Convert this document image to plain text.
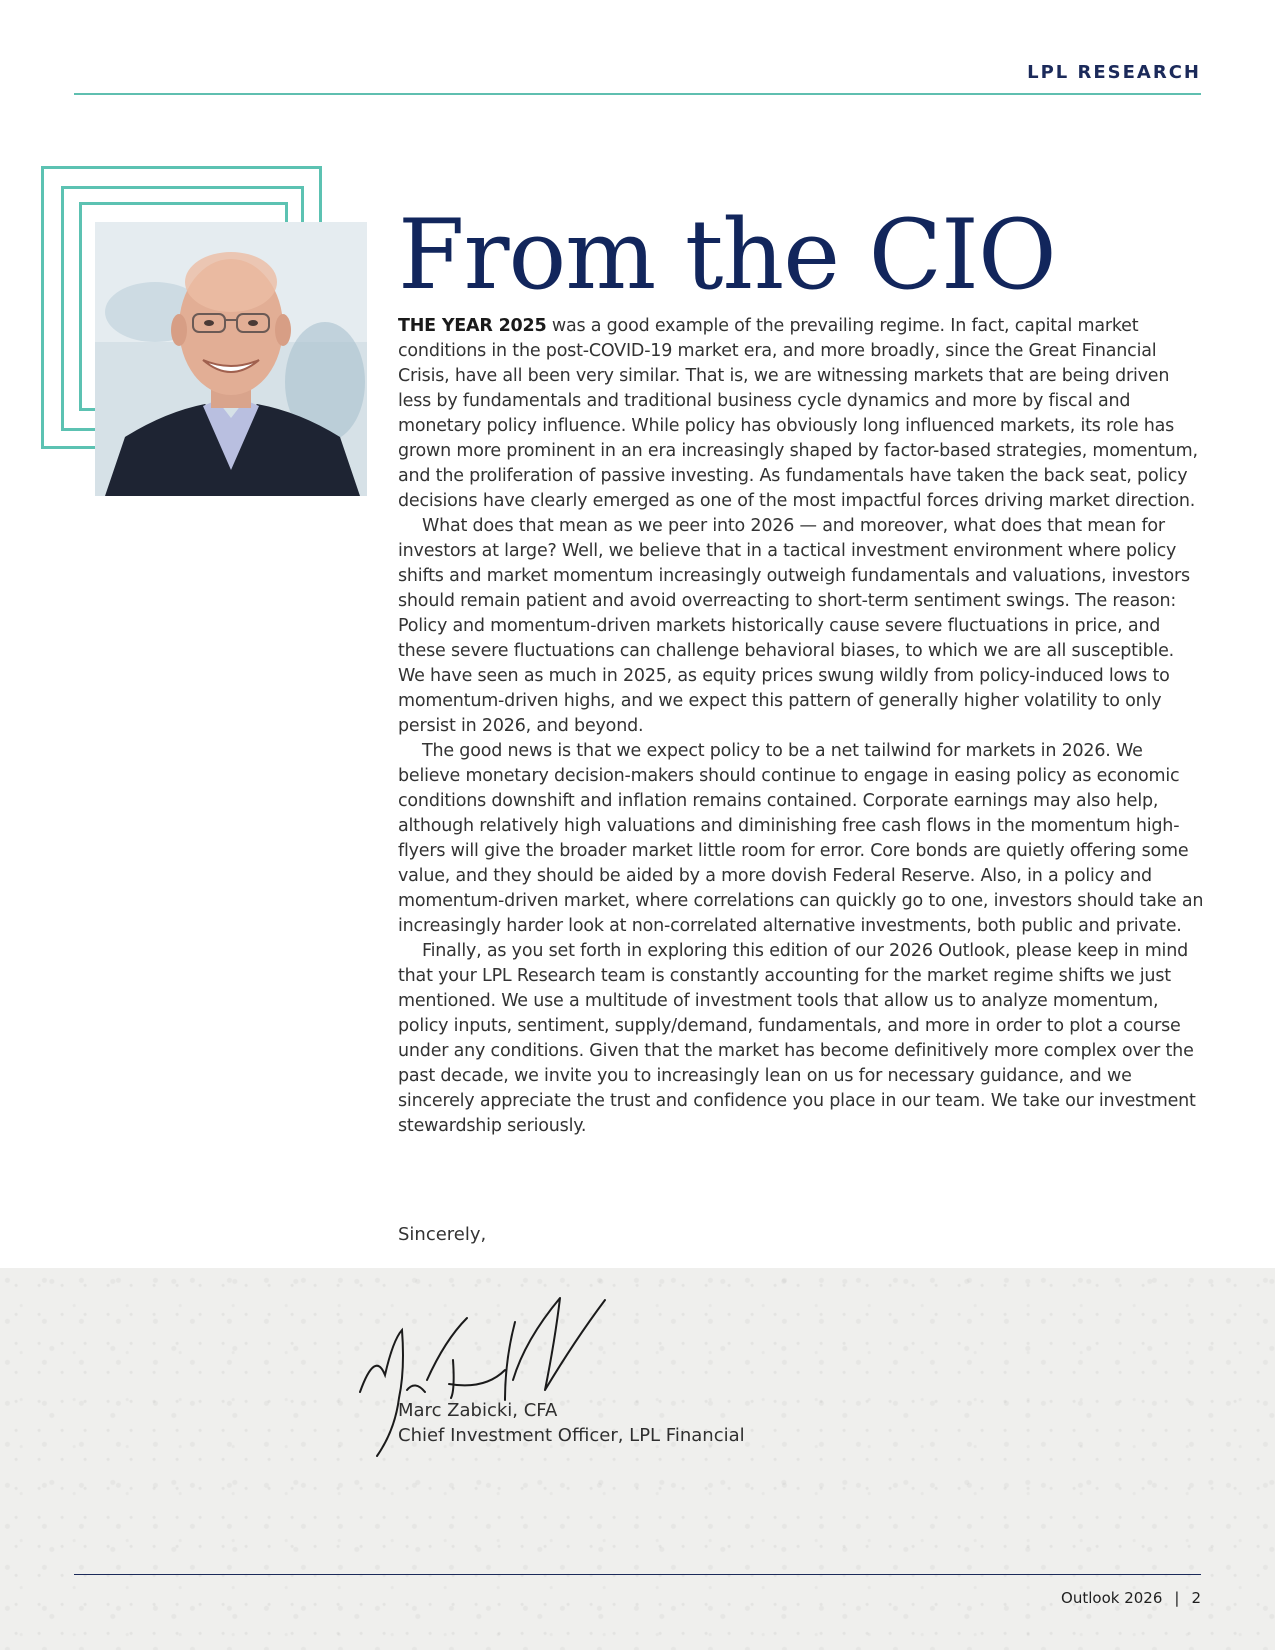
LPL RESEARCH
From the CIO

THE YEAR 2025 was a good example of the prevailing regime. In fact, capital market conditions in the post-COVID-19 market era, and more broadly, since the Great Financial Crisis, have all been very similar. That is, we are witnessing markets that are being driven less by fundamentals and traditional business cycle dynamics and more by fiscal and monetary policy influence. While policy has obviously long influenced markets, its role has grown more prominent in an era increasingly shaped by factor-based strategies, momentum, and the proliferation of passive investing. As fundamentals have taken the back seat, policy decisions have clearly emerged as one of the most impactful forces driving market direction.

What does that mean as we peer into 2026 — and moreover, what does that mean for investors at large? Well, we believe that in a tactical investment environment where policy shifts and market momentum increasingly outweigh fundamentals and valuations, investors should remain patient and avoid overreacting to short-term sentiment swings. The reason: Policy and momentum-driven markets historically cause severe fluctuations in price, and these severe fluctuations can challenge behavioral biases, to which we are all susceptible. We have seen as much in 2025, as equity prices swung wildly from policy-induced lows to momentum-driven highs, and we expect this pattern of generally higher volatility to only persist in 2026, and beyond.

The good news is that we expect policy to be a net tailwind for markets in 2026. We believe monetary decision-makers should continue to engage in easing policy as economic conditions downshift and inflation remains contained. Corporate earnings may also help, although relatively high valuations and diminishing free cash flows in the momentum high-flyers will give the broader market little room for error. Core bonds are quietly offering some value, and they should be aided by a more dovish Federal Reserve. Also, in a policy and momentum-driven market, where correlations can quickly go to one, investors should take an increasingly harder look at non-correlated alternative investments, both public and private.

Finally, as you set forth in exploring this edition of our 2026 Outlook, please keep in mind that your LPL Research team is constantly accounting for the market regime shifts we just mentioned. We use a multitude of investment tools that allow us to analyze momentum, policy inputs, sentiment, supply/demand, fundamentals, and more in order to plot a course under any conditions. Given that the market has become definitively more complex over the past decade, we invite you to increasingly lean on us for necessary guidance, and we sincerely appreciate the trust and confidence you place in our team. We take our investment stewardship seriously.

Sincerely,
Marc Zabicki, CFA
Chief Investment Officer, LPL Financial
Outlook 2026 | 2
